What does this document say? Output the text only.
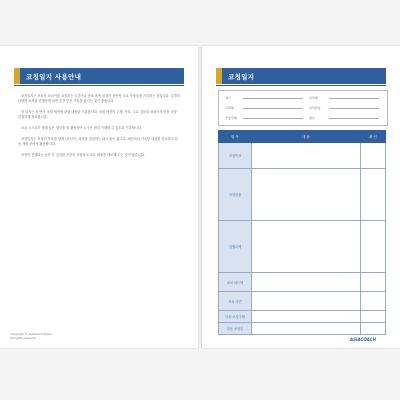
코칭일지 사용안내

코칭일지는 코치가 코치이를 코칭하는 도중이나 종료 후에 코칭의 전반적 주요 사항들을 기록하는 것입니다. 특별히 다양한 코칭을 진행하게 되면 중간 중간 기록을 남기는 것이 좋습니다.

한 일지는 한 번의 코칭 세션에 관한 내용을 기록합니다. 코칭 세션의 주제, 목표, 주요 질문과 코치이의 반응 등을 간결하게 정리합니다.

코치 스스로가 정해 놓은 형식을 잘 활용하여 누구든 편히 이해할 수 있도록 기록합니다.

코칭일지는 코칭의 목표를 향해 나아가는 과정을 점검하는 데 도움이 됩니다. 세션마다 기록한 내용을 검토하고 다음 세션 준비에 활용합니다.

코칭이 진행되는 동안 본 일지를 꾸준히 작성하고 주요 내용을 메모해 두는 것이 좋습니다.

Copyright © AsiaCoach Korea
All rights reserved.
코칭일지
일시	코치명
고객명	코치번호
코칭주제	횟수
항 목	내 용	확 인
코칭목표		
코칭내용		
실행과제		
코치 피드백		
코치 의견		
다음 코칭주제		
다음 코칭일		
ASIACOACH
